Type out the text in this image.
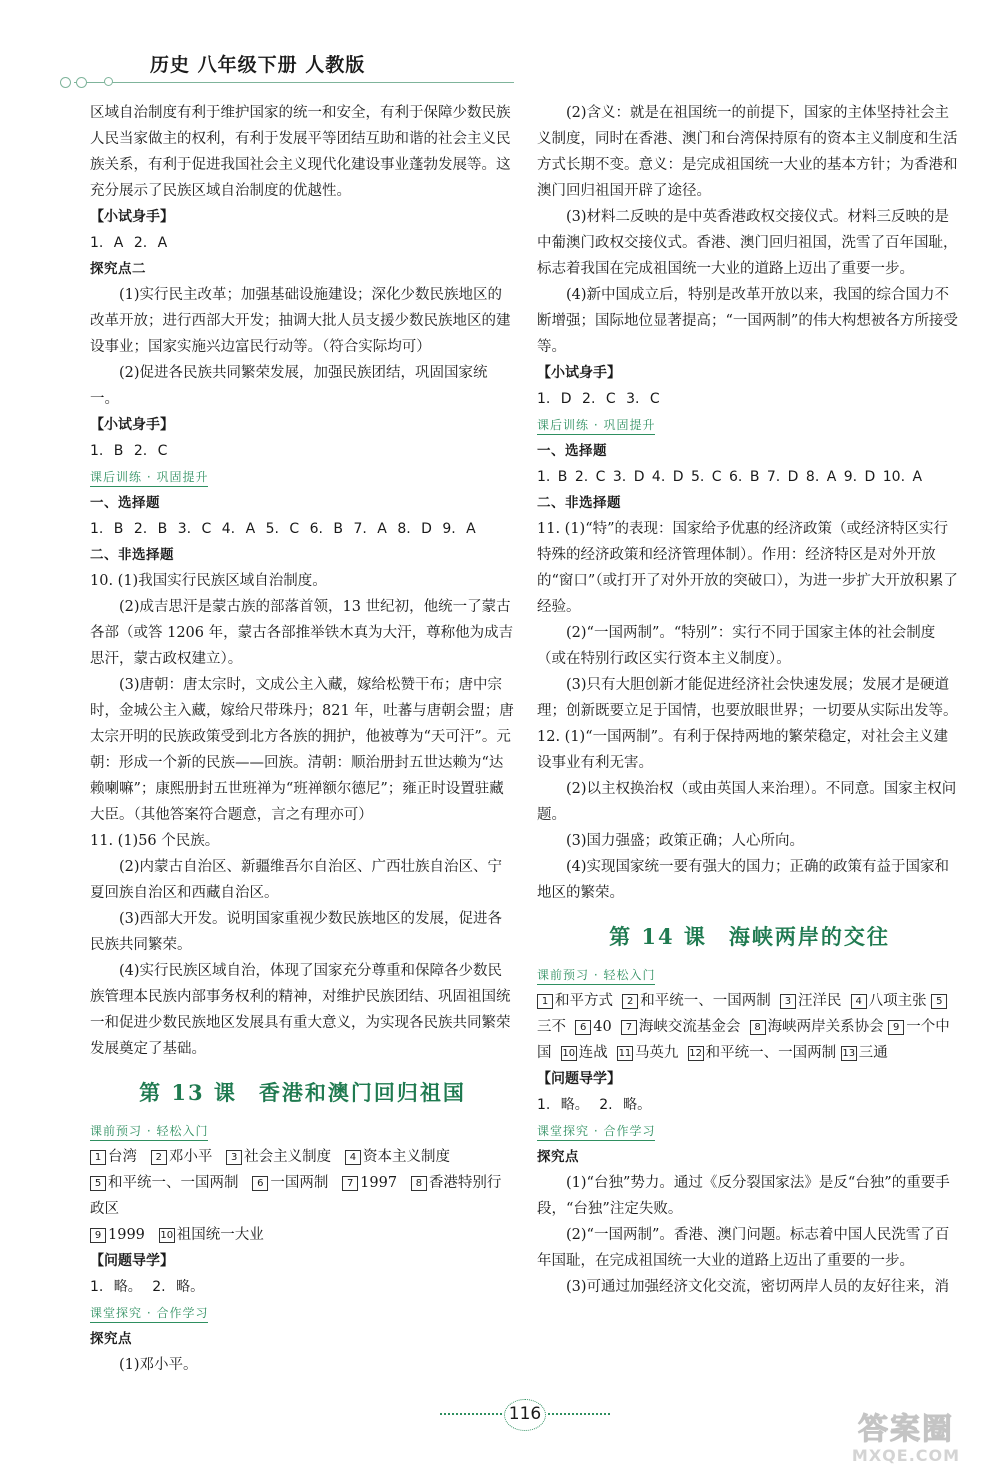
历史 八年级下册 人教版

区域自治制度有利于维护国家的统一和安全，有利于保障少数民族人民当家做主的权利，有利于发展平等团结互助和谐的社会主义民族关系，有利于促进我国社会主义现代化建设事业蓬勃发展等。这充分展示了民族区域自治制度的优越性。

【小试身手】

1. A 2. A

探究点二

(1)实行民主改革；加强基础设施建设；深化少数民族地区的改革开放；进行西部大开发；抽调大批人员支援少数民族地区的建设事业；国家实施兴边富民行动等。（符合实际均可）

(2)促进各民族共同繁荣发展，加强民族团结，巩固国家统一。

【小试身手】

1. B 2. C

课后训练 · 巩固提升

一、选择题

1. B 2. B 3. C 4. A 5. C 6. B 7. A 8. D 9. A

二、非选择题

10. (1)我国实行民族区域自治制度。

(2)成吉思汗是蒙古族的部落首领，13 世纪初，他统一了蒙古各部（或答 1206 年，蒙古各部推举铁木真为大汗，尊称他为成吉思汗，蒙古政权建立）。

(3)唐朝：唐太宗时，文成公主入藏，嫁给松赞干布；唐中宗时，金城公主入藏，嫁给尺带珠丹；821 年，吐蕃与唐朝会盟；唐太宗开明的民族政策受到北方各族的拥护，他被尊为“天可汗”。元朝：形成一个新的民族——回族。清朝：顺治册封五世达赖为“达赖喇嘛”；康熙册封五世班禅为“班禅额尔德尼”；雍正时设置驻藏大臣。（其他答案符合题意，言之有理亦可）

11. (1)56 个民族。

(2)内蒙古自治区、新疆维吾尔自治区、广西壮族自治区、宁夏回族自治区和西藏自治区。

(3)西部大开发。说明国家重视少数民族地区的发展，促进各民族共同繁荣。

(4)实行民族区域自治，体现了国家充分尊重和保障各少数民族管理本民族内部事务权利的精神，对维护民族团结、巩固祖国统一和促进少数民族地区发展具有重大意义，为实现各民族共同繁荣发展奠定了基础。

第 13 课 香港和澳门回归祖国
课前预习 · 轻松入门

1 台湾 2 邓小平 3 社会主义制度 4 资本主义制度
5 和平统一、一国两制 6 一国两制 7 1997 8 香港特别行政区
9 1999 10 祖国统一大业

【问题导学】

1. 略。 2. 略。

课堂探究 · 合作学习

探究点

(1)邓小平。

(2)含义：就是在祖国统一的前提下，国家的主体坚持社会主义制度，同时在香港、澳门和台湾保持原有的资本主义制度和生活方式长期不变。意义：是完成祖国统一大业的基本方针；为香港和澳门回归祖国开辟了途径。

(3)材料二反映的是中英香港政权交接仪式。材料三反映的是中葡澳门政权交接仪式。香港、澳门回归祖国，洗雪了百年国耻，标志着我国在完成祖国统一大业的道路上迈出了重要一步。

(4)新中国成立后，特别是改革开放以来，我国的综合国力不断增强；国际地位显著提高；“一国两制”的伟大构想被各方所接受等。

【小试身手】

1. D 2. C 3. C

课后训练 · 巩固提升

一、选择题

1. B 2. C 3. D 4. D 5. C 6. B 7. D 8. A 9. D 10. A

二、非选择题

11. (1)“特”的表现：国家给予优惠的经济政策（或经济特区实行特殊的经济政策和经济管理体制）。作用：经济特区是对外开放的“窗口”（或打开了对外开放的突破口），为进一步扩大开放积累了经验。

(2)“一国两制”。“特别”：实行不同于国家主体的社会制度（或在特别行政区实行资本主义制度）。

(3)只有大胆创新才能促进经济社会快速发展；发展才是硬道理；创新既要立足于国情，也要放眼世界；一切要从实际出发等。

12. (1)“一国两制”。有利于保持两地的繁荣稳定，对社会主义建设事业有利无害。

(2)以主权换治权（或由英国人来治理）。不同意。国家主权问题。

(3)国力强盛；政策正确；人心所向。

(4)实现国家统一要有强大的国力；正确的政策有益于国家和地区的繁荣。

第 14 课 海峡两岸的交往
课前预习 · 轻松入门

1 和平方式 2 和平统一、一国两制 3 汪洋民 4 八项主张 5三不 6 40 7 海峡交流基金会 8 海峡两岸关系协会 9 一个中国 10 连战 11 马英九 12 和平统一、一国两制 13 三通

【问题导学】

1. 略。 2. 略。

课堂探究 · 合作学习

探究点

(1)“台独”势力。通过《反分裂国家法》是反“台独”的重要手段，“台独”注定失败。

(2)“一国两制”。香港、澳门问题。标志着中国人民洗雪了百年国耻，在完成祖国统一大业的道路上迈出了重要的一步。

(3)可通过加强经济文化交流，密切两岸人员的友好往来，消

116	答案圈
MXQE.COM
